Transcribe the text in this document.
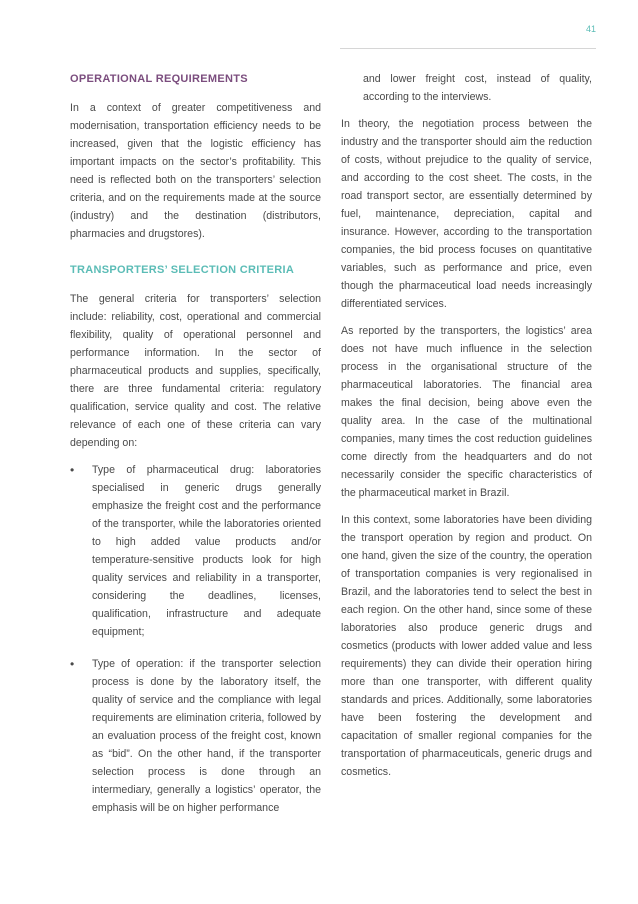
41
OPERATIONAL REQUIREMENTS

In a context of greater competitiveness and modernisation, transportation efficiency needs to be increased, given that the logistic efficiency has important impacts on the sector’s profitability. This need is reflected both on the transporters’ selection criteria, and on the requirements made at the source (industry) and the destination (distributors, pharmacies and drugstores).

TRANSPORTERS’ SELECTION CRITERIA

The general criteria for transporters’ selection include: reliability, cost, operational and commercial flexibility, quality of operational personnel and performance information. In the sector of pharmaceutical products and supplies, specifically, there are three fundamental criteria: regulatory qualification, service quality and cost. The relative relevance of each one of these criteria can vary depending on:

• Type of pharmaceutical drug: laboratories specialised in generic drugs generally emphasize the freight cost and the performance of the transporter, while the laboratories oriented to high added value products and/or temperature-sensitive products look for high quality services and reliability in a transporter, considering the deadlines, licenses, qualification, infrastructure and adequate equipment;
• Type of operation: if the transporter selection process is done by the laboratory itself, the quality of service and the compliance with legal requirements are elimination criteria, followed by an evaluation process of the freight cost, known as “bid”. On the other hand, if the transporter selection process is done through an intermediary, generally a logistics’ operator, the emphasis will be on higher performance

and lower freight cost, instead of quality, according to the interviews.

In theory, the negotiation process between the industry and the transporter should aim the reduction of costs, without prejudice to the quality of service, and according to the cost sheet. The costs, in the road transport sector, are essentially determined by fuel, maintenance, depreciation, capital and insurance. However, according to the transportation companies, the bid process focuses on quantitative variables, such as performance and price, even though the pharmaceutical load needs increasingly differentiated services.

As reported by the transporters, the logistics’ area does not have much influence in the selection process in the organisational structure of the pharmaceutical laboratories. The financial area makes the final decision, being above even the quality area. In the case of the multinational companies, many times the cost reduction guidelines come directly from the headquarters and do not necessarily consider the specific characteristics of the pharmaceutical market in Brazil.

In this context, some laboratories have been dividing the transport operation by region and product. On one hand, given the size of the country, the operation of transportation companies is very regionalised in Brazil, and the laboratories tend to select the best in each region. On the other hand, since some of these laboratories also produce generic drugs and cosmetics (products with lower added value and less requirements) they can divide their operation hiring more than one transporter, with different quality standards and prices. Additionally, some laboratories have been fostering the development and capacitation of smaller regional companies for the transportation of pharmaceuticals, generic drugs and cosmetics.
